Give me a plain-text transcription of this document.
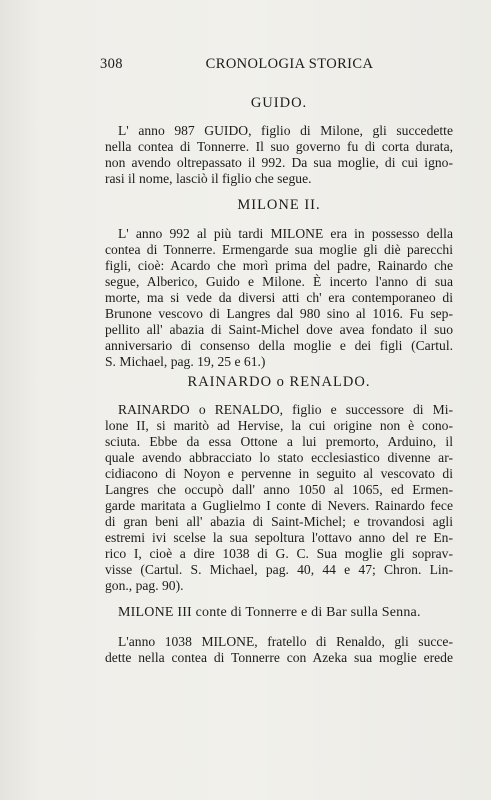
308	CRONOLOGIA STORICA
GUIDO.
L' anno 987 GUIDO, figlio di Milone, gli succedette
nella contea di Tonnerre. Il suo governo fu di corta durata,
non avendo oltrepassato il 992. Da sua moglie, di cui igno-
rasi il nome, lasciò il figlio che segue.
MILONE II.
L' anno 992 al più tardi MILONE era in possesso della
contea di Tonnerre. Ermengarde sua moglie gli diè parecchi
figli, cioè: Acardo che morì prima del padre, Rainardo che
segue, Alberico, Guido e Milone. È incerto l'anno di sua
morte, ma si vede da diversi atti ch' era contemporaneo di
Brunone vescovo di Langres dal 980 sino al 1016. Fu sep-
pellito all' abazia di Saint-Michel dove avea fondato il suo
anniversario di consenso della moglie e dei figli (Cartul.
S. Michael, pag. 19, 25 e 61.)
RAINARDO o RENALDO.
RAINARDO o RENALDO, figlio e successore di Mi-
lone II, si maritò ad Hervise, la cui origine non è cono-
sciuta. Ebbe da essa Ottone a lui premorto, Arduino, il
quale avendo abbracciato lo stato ecclesiastico divenne ar-
cidiacono di Noyon e pervenne in seguito al vescovato di
Langres che occupò dall' anno 1050 al 1065, ed Ermen-
garde maritata a Guglielmo I conte di Nevers. Rainardo fece
di gran beni all' abazia di Saint-Michel; e trovandosi agli
estremi ivi scelse la sua sepoltura l'ottavo anno del re En-
rico I, cioè a dire 1038 di G. C. Sua moglie gli soprav-
visse (Cartul. S. Michael, pag. 40, 44 e 47; Chron. Lin-
gon., pag. 90).
MILONE III conte di Tonnerre e di Bar sulla Senna.
L'anno 1038 MILONE, fratello di Renaldo, gli succe-
dette nella contea di Tonnerre con Azeka sua moglie erede
